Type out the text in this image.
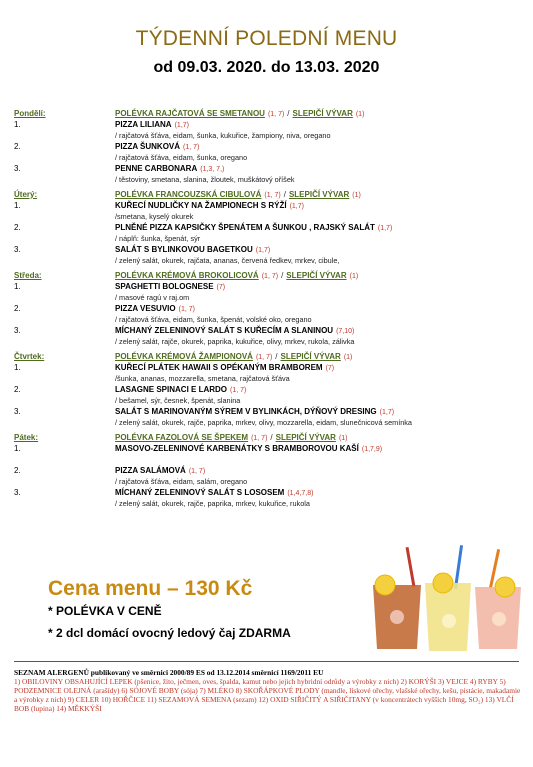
TÝDENNÍ POLEDNÍ MENU
od 09.03. 2020. do 13.03. 2020
Pondělí:	POLÉVKA RAJČATOVÁ SE SMETANOU (1, 7) / SLEPIČÍ VÝVAR (1)
1.	PIZZA LILIANA (1,7)
/ rajčatová šťáva, eidam, šunka, kukuřice, žampiony, niva, oregano
2.	PIZZA ŠUNKOVÁ (1, 7)
/ rajčatová šťáva, eidam, šunka, oregano
3.	PENNE CARBONARA (1,3, 7,)
/ těstoviny, smetana, slanina, žloutek, muškátový oříšek
Úterý:	POLÉVKA FRANCOUZSKÁ CIBULOVÁ (1, 7) / SLEPIČÍ VÝVAR (1)
1.	KUŘECÍ NUDLIČKY NA ŽAMPIONECH S RÝŽÍ (1,7)
/smetana, kyselý okurek
2.	PLNĚNÉ PIZZA KAPSIČKY ŠPENÁTEM A ŠUNKOU , RAJSKÝ SALÁT (1,7)
/ náplň: šunka, špenát, sýr
3.	SALÁT S BYLINKOVOU BAGETKOU (1,7)
/ zelený salát, okurek, rajčata, ananas, červená ředkev, mrkev, cibule,
Středa:	POLÉVKA KRÉMOVÁ BROKOLICOVÁ (1, 7) / SLEPIČÍ VÝVAR (1)
1.	SPAGHETTI BOLOGNESE (7)
/ masové ragú v raj.om
2.	PIZZA VESUVIO (1, 7)
/ rajčatová šťáva, eidam, šunka, špenát, volské oko, oregano
3.	MÍCHANÝ ZELENINOVÝ SALÁT S KUŘECÍM A SLANINOU (7,10)
/ zelený salát, rajče, okurek, paprika, kukuřice, olivy, mrkev, rukola, zálivka
Čtvrtek:	POLÉVKA KRÉMOVÁ ŽAMPIONOVÁ (1, 7) / SLEPIČÍ VÝVAR (1)
1.	KUŘECÍ PLÁTEK HAWAII S OPÉKANÝM BRAMBOREM (7)
/šunka, ananas, mozzarella, smetana, rajčatová šťáva
2.	LASAGNE SPINACI E LARDO (1, 7)
/ bešamel, sýr, česnek, špenát, slanina
3.	SALÁT S MARINOVANÝM SÝREM V BYLINKÁCH, DÝŇOVÝ DRESING (1,7)
/ zelený salát, okurek, rajče, paprika, mrkev, olivy, mozzarella, eidam, slunečnicová semínka
Pátek:	POLÉVKA FAZOLOVÁ SE ŠPEKEM (1, 7) / SLEPIČÍ VÝVAR (1)
1.	MASOVO-ZELENINOVÉ KARBENÁTKY S BRAMBOROVOU KAŠÍ (1,7,9)
2.	PIZZA SALÁMOVÁ (1, 7)
/ rajčatová šťáva, eidam, salám, oregano
3.	MÍCHANÝ ZELENINOVÝ SALÁT S LOSOSEM (1,4,7,8)
/ zelený salát, okurek, rajče, paprika, mrkev, kukuřice, rukola
Cena menu – 130 Kč
* POLÉVKA V CENĚ
* 2 dcl domácí ovocný ledový čaj ZDARMA
SEZNAM ALERGENŮ publikovaný ve směrnici 2000/89 ES od 13.12.2014 směrnicí 1169/2011 EU
1) OBILOVINY OBSAHUJÍCÍ LEPEK (pšenice, žito, ječmen, oves, špalda, kamut nebo jejich hybridní odrůdy a výrobky z nich) 2) KORÝŠI 3) VEJCE 4) RYBY 5) PODZEMNICE OLEJNÁ (arašídy) 6) SÓJOVÉ BOBY (sója) 7) MLÉKO 8) SKOŘÁPKOVÉ PLODY (mandle, lískové ořechy, vlašské ořechy, kešu, pistácie, makadamie a výrobky z nich) 9) CELER 10) HOŘČICE 11) SEZAMOVÁ SEMENA (sezam) 12) OXID SIŘIČITÝ A SIŘIČITANY (v koncentrátech vyšších 10mg, SO₂) 13) VLČÍ BOB (lupina) 14) MĚKKÝŠI
